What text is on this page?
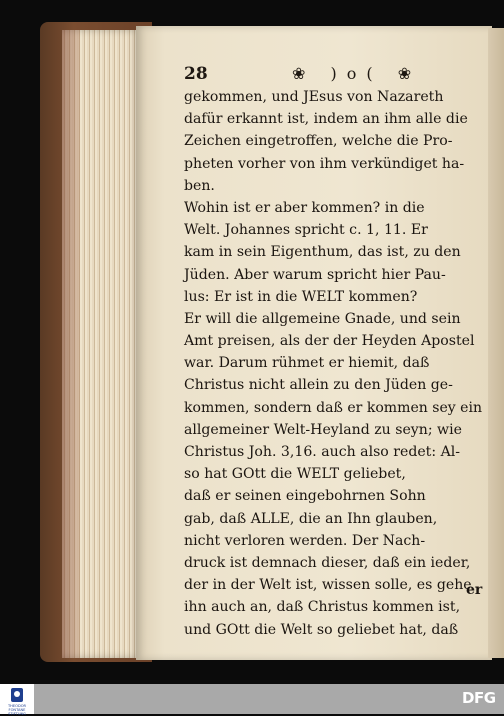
28	❀ )o( ❀
gekommen, und JEsus von Nazareth
dafür erkannt ist, indem an ihm alle die
Zeichen eingetroffen, welche die Pro-
pheten vorher von ihm verkündiget ha-
ben.
Wohin ist er aber kommen? in die
Welt. Johannes spricht c. 1, 11. Er
kam in sein Eigenthum, das ist, zu den
Jüden. Aber warum spricht hier Pau-
lus: Er ist in die WELT kommen?
Er will die allgemeine Gnade, und sein
Amt preisen, als der der Heyden Apostel
war. Darum rühmet er hiemit, daß
Christus nicht allein zu den Jüden ge-
kommen, sondern daß er kommen sey ein
allgemeiner Welt-Heyland zu seyn; wie
Christus Joh. 3,16. auch also redet: Al-
so hat GOtt die WELT geliebet,
daß er seinen eingebohrnen Sohn
gab, daß ALLE, die an Ihn glauben,
nicht verloren werden. Der Nach-
druck ist demnach dieser, daß ein ieder,
der in der Welt ist, wissen solle, es gehe
ihn auch an, daß Christus kommen ist,
und GOtt die Welt so geliebet hat, daß
er
THEODOR FONTANE STIFTUNG
DFG
